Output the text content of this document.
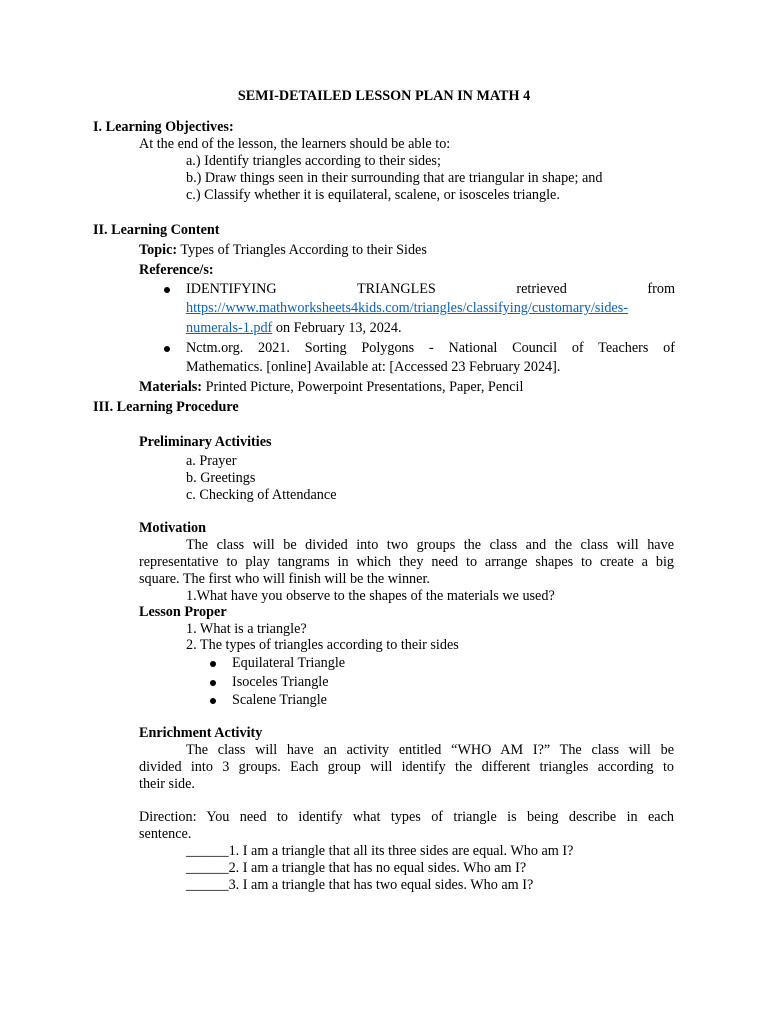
SEMI-DETAILED LESSON PLAN IN MATH 4
I. Learning Objectives:
At the end of the lesson, the learners should be able to:
a.) Identify triangles according to their sides;
b.) Draw things seen in their surrounding that are triangular in shape; and
c.) Classify whether it is equilateral, scalene, or isosceles triangle.
II. Learning Content
Topic: Types of Triangles According to their Sides
Reference/s:
IDENTIFYING TRIANGLES retrieved from
https://www.mathworksheets4kids.com/triangles/classifying/customary/sides-
numerals-1.pdf on February 13, 2024.
Nctm.org. 2021. Sorting Polygons - National Council of Teachers of
Mathematics. [online] Available at: [Accessed 23 February 2024].
Materials: Printed Picture, Powerpoint Presentations, Paper, Pencil
III. Learning Procedure
Preliminary Activities
a. Prayer
b. Greetings
c. Checking of Attendance
Motivation
The class will be divided into two groups the class and the class will have
representative to play tangrams in which they need to arrange shapes to create a big
square. The first who will finish will be the winner.
1.What have you observe to the shapes of the materials we used?
Lesson Proper
1. What is a triangle?
2. The types of triangles according to their sides
Equilateral Triangle
Isoceles Triangle
Scalene Triangle
Enrichment Activity
The class will have an activity entitled “WHO AM I?” The class will be
divided into 3 groups. Each group will identify the different triangles according to
their side.
Direction: You need to identify what types of triangle is being describe in each
sentence.
______1. I am a triangle that all its three sides are equal. Who am I?
______2. I am a triangle that has no equal sides. Who am I?
______3. I am a triangle that has two equal sides. Who am I?
